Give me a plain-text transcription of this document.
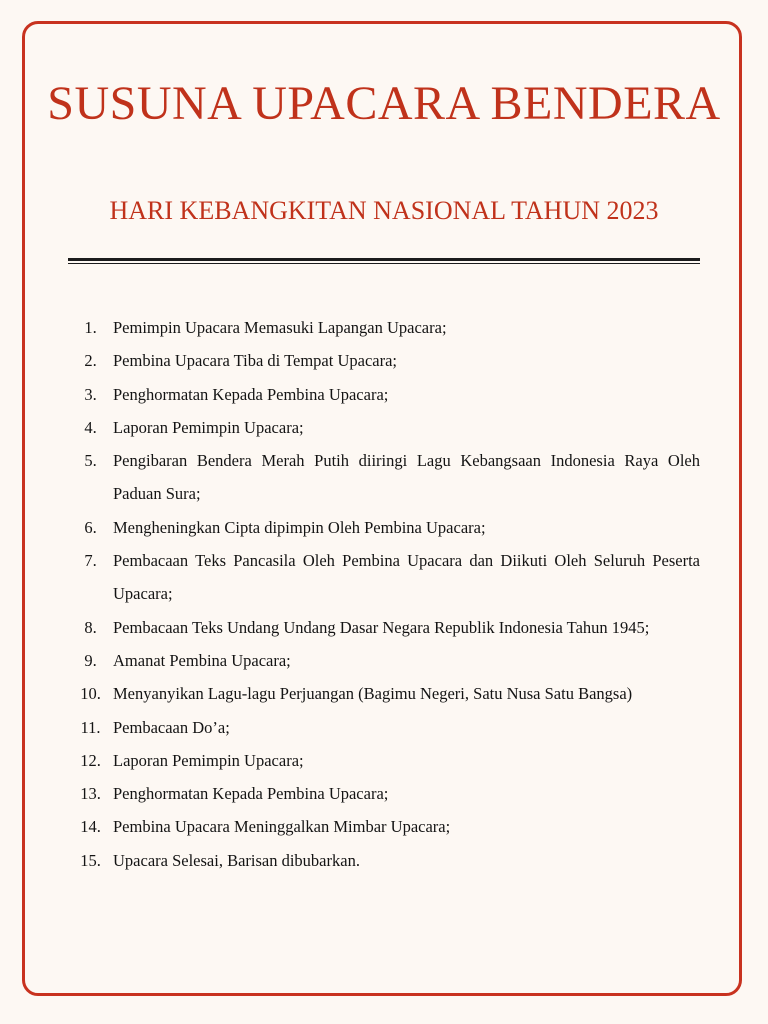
SUSUNA UPACARA BENDERA
HARI KEBANGKITAN NASIONAL TAHUN 2023
1. Pemimpin Upacara Memasuki Lapangan Upacara;
2. Pembina Upacara Tiba di Tempat Upacara;
3. Penghormatan Kepada Pembina Upacara;
4. Laporan Pemimpin Upacara;
5. Pengibaran Bendera Merah Putih diiringi Lagu Kebangsaan Indonesia Raya Oleh Paduan Sura;
6. Mengheningkan Cipta dipimpin Oleh Pembina Upacara;
7. Pembacaan Teks Pancasila Oleh Pembina Upacara dan Diikuti Oleh Seluruh Peserta Upacara;
8. Pembacaan Teks Undang Undang Dasar Negara Republik Indonesia Tahun 1945;
9. Amanat Pembina Upacara;
10. Menyanyikan Lagu-lagu Perjuangan (Bagimu Negeri, Satu Nusa Satu Bangsa)
11. Pembacaan Do’a;
12. Laporan Pemimpin Upacara;
13. Penghormatan Kepada Pembina Upacara;
14. Pembina Upacara Meninggalkan Mimbar Upacara;
15. Upacara Selesai, Barisan dibubarkan.
